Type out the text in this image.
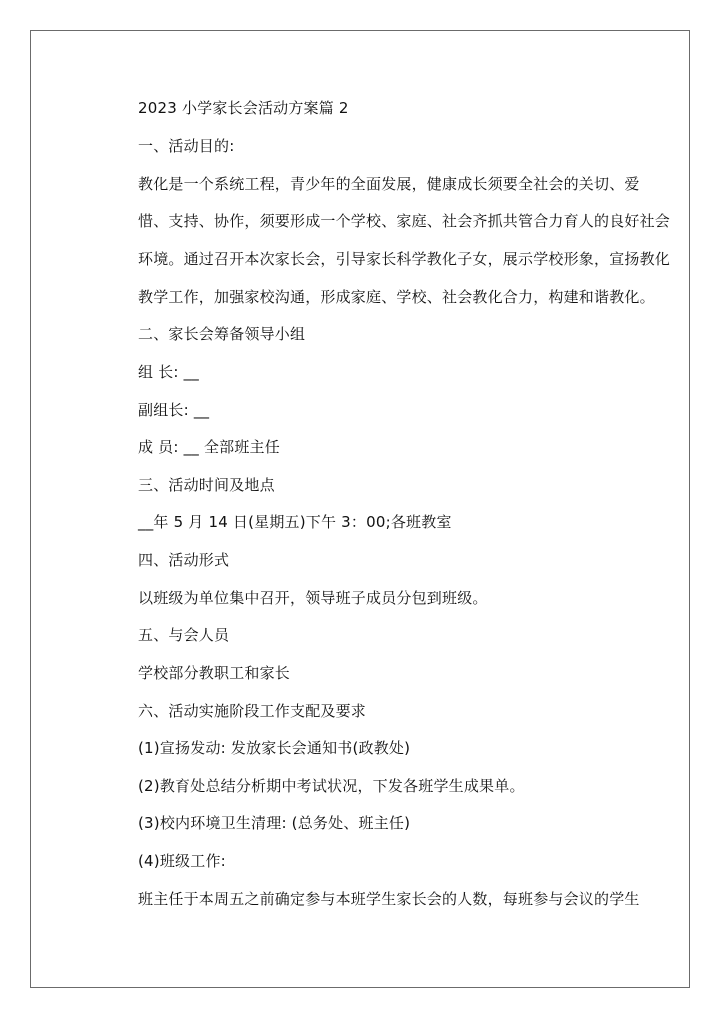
2023 小学家长会活动方案篇 2
一、活动目的:
教化是一个系统工程，青少年的全面发展，健康成长须要全社会的关切、爱
惜、支持、协作，须要形成一个学校、家庭、社会齐抓共管合力育人的良好社会
环境。通过召开本次家长会，引导家长科学教化子女，展示学校形象，宣扬教化
教学工作，加强家校沟通，形成家庭、学校、社会教化合力，构建和谐教化。
二、家长会筹备领导小组
组 长: __
副组长: __
成 员: __ 全部班主任
三、活动时间及地点
__年 5 月 14 日(星期五)下午 3：00;各班教室
四、活动形式
以班级为单位集中召开，领导班子成员分包到班级。
五、与会人员
学校部分教职工和家长
六、活动实施阶段工作支配及要求
(1)宣扬发动: 发放家长会通知书(政教处)
(2)教育处总结分析期中考试状况，下发各班学生成果单。
(3)校内环境卫生清理: (总务处、班主任)
(4)班级工作:
班主任于本周五之前确定参与本班学生家长会的人数，每班参与会议的学生
